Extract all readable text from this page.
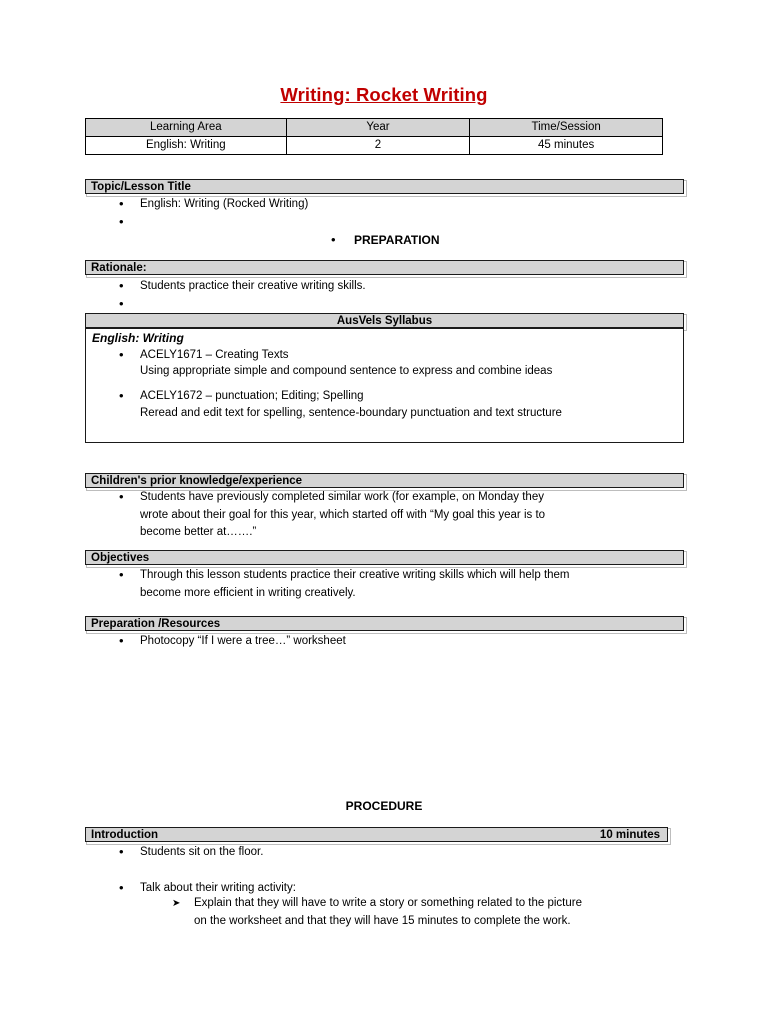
Writing: Rocket Writing
Learning Area	Year	Time/Session
English: Writing	2	45 minutes
Topic/Lesson Title
•
English: Writing (Rocked Writing)
•
•
PREPARATION
Rationale:
•
Students practice their creative writing skills.
•
AusVels Syllabus
English: Writing
•
ACELY1671 – Creating Texts
Using appropriate simple and compound sentence to express and combine ideas
•
ACELY1672 – punctuation; Editing; Spelling
Reread and edit text for spelling, sentence-boundary punctuation and text structure
Children's prior knowledge/experience
•
Students have previously completed similar work (for example, on Monday they
wrote about their goal for this year, which started off with “My goal this year is to
become better at…….”
Objectives
•
Through this lesson students practice their creative writing skills which will help them
become more efficient in writing creatively.
Preparation /Resources
•
Photocopy “If I were a tree…” worksheet
PROCEDURE
Introduction	10 minutes
•
Students sit on the floor.
•
Talk about their writing activity:
➤
Explain that they will have to write a story or something related to the picture
on the worksheet and that they will have 15 minutes to complete the work.
